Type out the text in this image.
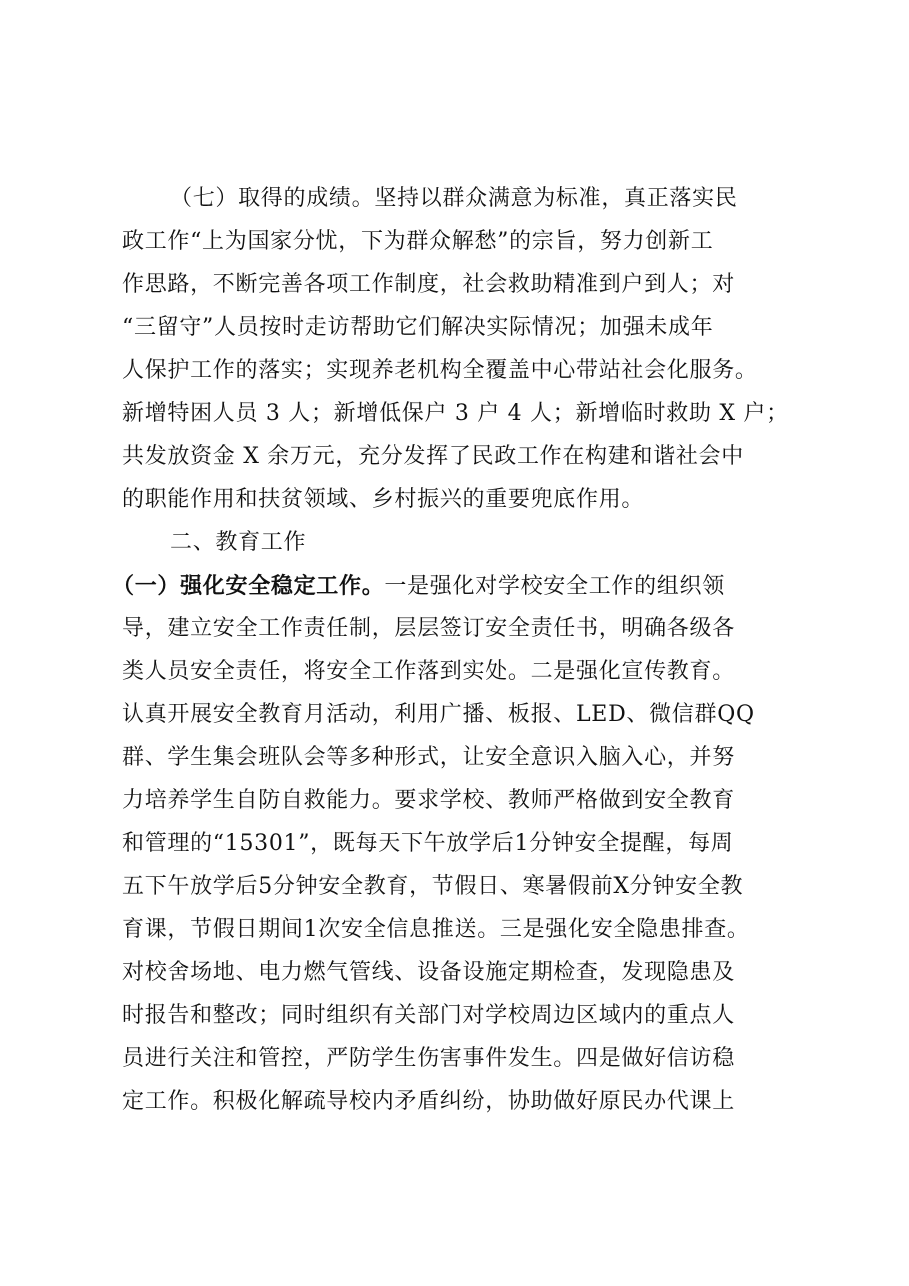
（七）取得的成绩。坚持以群众满意为标准，真正落实民
政工作“上为国家分忧，下为群众解愁”的宗旨，努力创新工
作思路，不断完善各项工作制度，社会救助精准到户到人；对
“三留守”人员按时走访帮助它们解决实际情况；加强未成年
人保护工作的落实；实现养老机构全覆盖中心带站社会化服务。
新增特困人员 3 人；新增低保户 3 户 4 人；新增临时救助 X 户；
共发放资金 X 余万元，充分发挥了民政工作在构建和谐社会中
的职能作用和扶贫领域、乡村振兴的重要兜底作用。
二、教育工作
（一）强化安全稳定工作。一是强化对学校安全工作的组织领
导，建立安全工作责任制，层层签订安全责任书，明确各级各
类人员安全责任，将安全工作落到实处。二是强化宣传教育。
认真开展安全教育月活动，利用广播、板报、LED、微信群QQ
群、学生集会班队会等多种形式，让安全意识入脑入心，并努
力培养学生自防自救能力。要求学校、教师严格做到安全教育
和管理的“15301”，既每天下午放学后1分钟安全提醒，每周
五下午放学后5分钟安全教育，节假日、寒暑假前X分钟安全教
育课，节假日期间1次安全信息推送。三是强化安全隐患排查。
对校舍场地、电力燃气管线、设备设施定期检查，发现隐患及
时报告和整改；同时组织有关部门对学校周边区域内的重点人
员进行关注和管控，严防学生伤害事件发生。四是做好信访稳
定工作。积极化解疏导校内矛盾纠纷，协助做好原民办代课上
